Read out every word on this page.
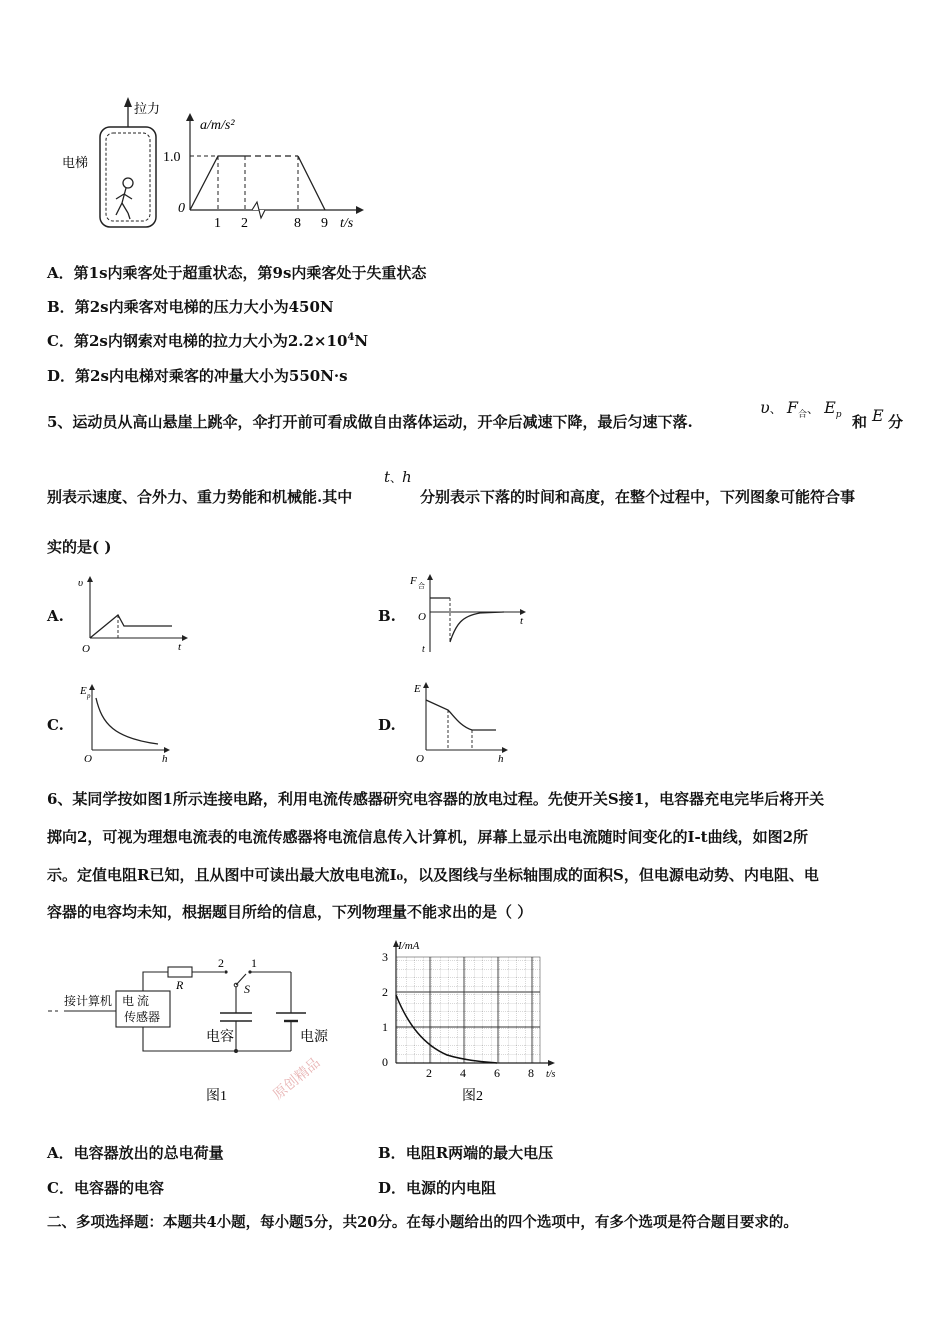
拉力
电梯
a/m/s²
1.0
0
1 2	8 9 t/s
A．第1s内乘客处于超重状态，第9s内乘客处于失重状态
B．第2s内乘客对电梯的压力大小为450N
C．第2s内钢索对电梯的拉力大小为$2.2\times 10^4N$
D．第2s内电梯对乘客的冲量大小为550N·s
5、运动员从高山悬崖上跳伞，伞打开前可看成做自由落体运动，开伞后减速下降，最后匀速下落.
υ、 $F_合$、 $E_p$ 和 E 分
别表示速度、合外力、重力势能和机械能.其中
t、h
分别表示下落的时间和高度，在整个过程中，下列图象可能符合事
实的是( )
A.
υ
t
O
B.
F 合
O	t
t
C.
E p
h
O
D.
E
h
O
6、某同学按如图1所示连接电路，利用电流传感器研究电容器的放电过程。先使开关S接1，电容器充电完毕后将开关
掷向2，可视为理想电流表的电流传感器将电流信息传入计算机，屏幕上显示出电流随时间变化的I-t曲线，如图2所
示。定值电阻R已知，且从图中可读出最大放电电流I₀，以及图线与坐标轴围成的面积S，但电源电动势、内电阻、电
容器的电容均未知，根据题目所给的信息，下列物理量不能求出的是（ ）
电 流
传感器
接计算机
R
2 1
S
电容	电源
图1	原创精品
I/mA
3
2
1
0
2 4 6 8 t/s
图2
A．电容器放出的总电荷量	B．电阻R两端的最大电压
C．电容器的电容	D．电源的内电阻
二、多项选择题：本题共4小题，每小题5分，共20分。在每小题给出的四个选项中，有多个选项是符合题目要求的。
